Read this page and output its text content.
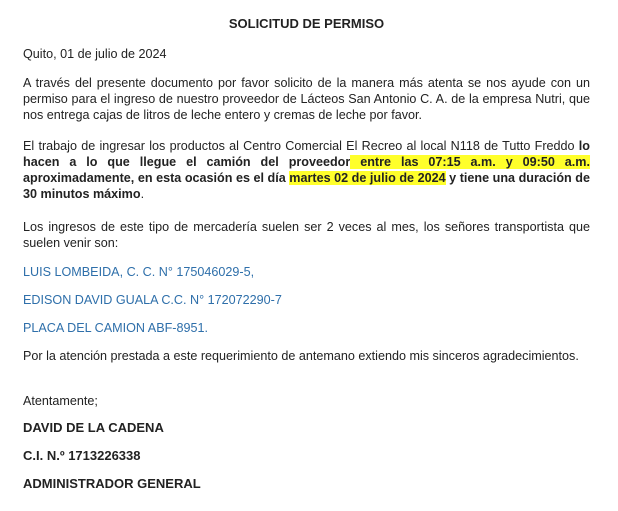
SOLICITUD DE PERMISO

Quito, 01 de julio de 2024

A través del presente documento por favor solicito de la manera más atenta se nos ayude con un permiso para el ingreso de nuestro proveedor de Lácteos San Antonio C. A. de la empresa Nutri, que nos entrega cajas de litros de leche entero y cremas de leche por favor.

El trabajo de ingresar los productos al Centro Comercial El Recreo al local N118 de Tutto Freddo lo hacen a lo que llegue el camión del proveedor entre las 07:15 a.m. y 09:50 a.m. aproximadamente, en esta ocasión es el día martes 02 de julio de 2024 y tiene una duración de 30 minutos máximo.

Los ingresos de este tipo de mercadería suelen ser 2 veces al mes, los señores transportista que suelen venir son:

LUIS LOMBEIDA, C. C. N° 175046029-5,

EDISON DAVID GUALA C.C. N° 172072290-7

PLACA DEL CAMION ABF-8951.

Por la atención prestada a este requerimiento de antemano extiendo mis sinceros agradecimientos.

Atentamente;

DAVID DE LA CADENA

C.I. N.º 1713226338

ADMINISTRADOR GENERAL
